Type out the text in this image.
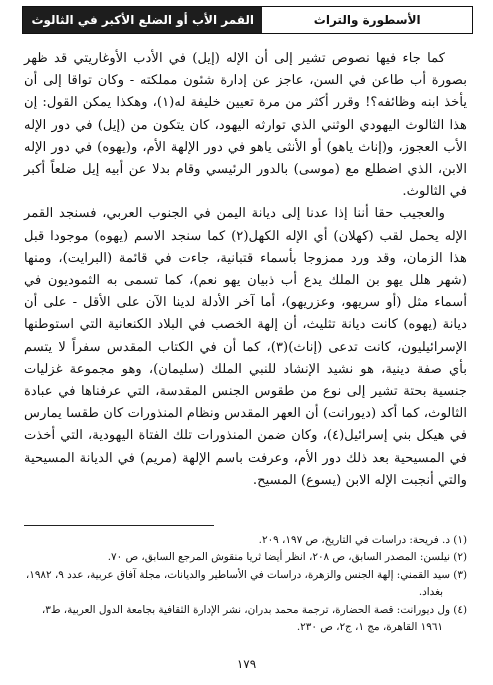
الأسطورة والتراث
القمر الأب أو الضلع الأكبر في الثالوث

كما جاء فيها نصوص تشير إلى أن الإله (إيل) في الأدب الأوغاريتي قد ظهر بصورة أب طاعن في السن، عاجز عن إدارة شئون مملكته - وكان تواقا إلى أن يأخذ ابنه وظائفه؟! وقرر أكثر من مرة تعيين خليفة له(١)، وهكذا يمكن القول: إن هذا الثالوث اليهودي الوثني الذي توارثه اليهود، كان يتكون من (إيل) في دور الإله الأب العجوز، و(إناث ياهو) أو الأنثى ياهو في دور الإلهة الأم، و(يهوه) في دور الإله الابن، الذي اضطلع مع (موسى) بالدور الرئيسي وقام بدلا عن أبيه إيل ضلعاً أكبر في الثالوث.

والعجيب حقا أننا إذا عدنا إلى ديانة اليمن في الجنوب العربي، فسنجد القمر الإله يحمل لقب (كهلان) أي الإله الكهل(٢) كما سنجد الاسم (يهوه) موجودا قبل هذا الزمان، وقد ورد ممزوجا بأسماء قتبانية، جاءت في قائمة (البرايت)، ومنها (شهر هلل يهو بن الملك يدع أب ذبيان يهو نعم)، كما تسمى به الثموديون في أسماء مثل (أو سريهو، وعزريهو)، أما آخر الأدلة لدينا الآن على الأقل - على أن ديانة (يهوه) كانت ديانة تثليث، أن إلهة الخصب في البلاد الكنعانية التي استوطنها الإسرائيليون، كانت تدعى (إناث)(٣)، كما أن في الكتاب المقدس سفراً لا يتسم بأي صفة دينية، هو نشيد الإنشاد للنبي الملك (سليمان)، وهو مجموعة غزليات جنسية بحتة تشير إلى نوع من طقوس الجنس المقدسة، التي عرفناها في عبادة الثالوث، كما أكد (ديورانت) أن العهر المقدس ونظام المنذورات كان طقسا يمارس في هيكل بني إسرائيل(٤)، وكان ضمن المنذورات تلك الفتاة اليهودية، التي أخذت في المسيحية بعد ذلك دور الأم، وعرفت باسم الإلهة (مريم) في الديانة المسيحية والتي أنجبت الإله الابن (يسوع) المسيح.

(١) د. فريحة: دراسات في التاريخ، ص ١٩٧، ٢٠٩.

(٢) نيلسن: المصدر السابق، ص ٢٠٨، انظر أيضا ثريا منقوش المرجع السابق، ص ٧٠.

(٣) سيد القمني: إلهة الجنس والزهرة، دراسات في الأساطير والديانات، مجلة آفاق عربية، عدد ٩، ١٩٨٢، بغداد.

(٤) ول ديورانت: قصة الحضارة، ترجمة محمد بدران، نشر الإدارة الثقافية بجامعة الدول العربية، ط٣، ١٩٦١ القاهرة، مج ١، ج٢، ص ٢٣٠.

١٧٩
